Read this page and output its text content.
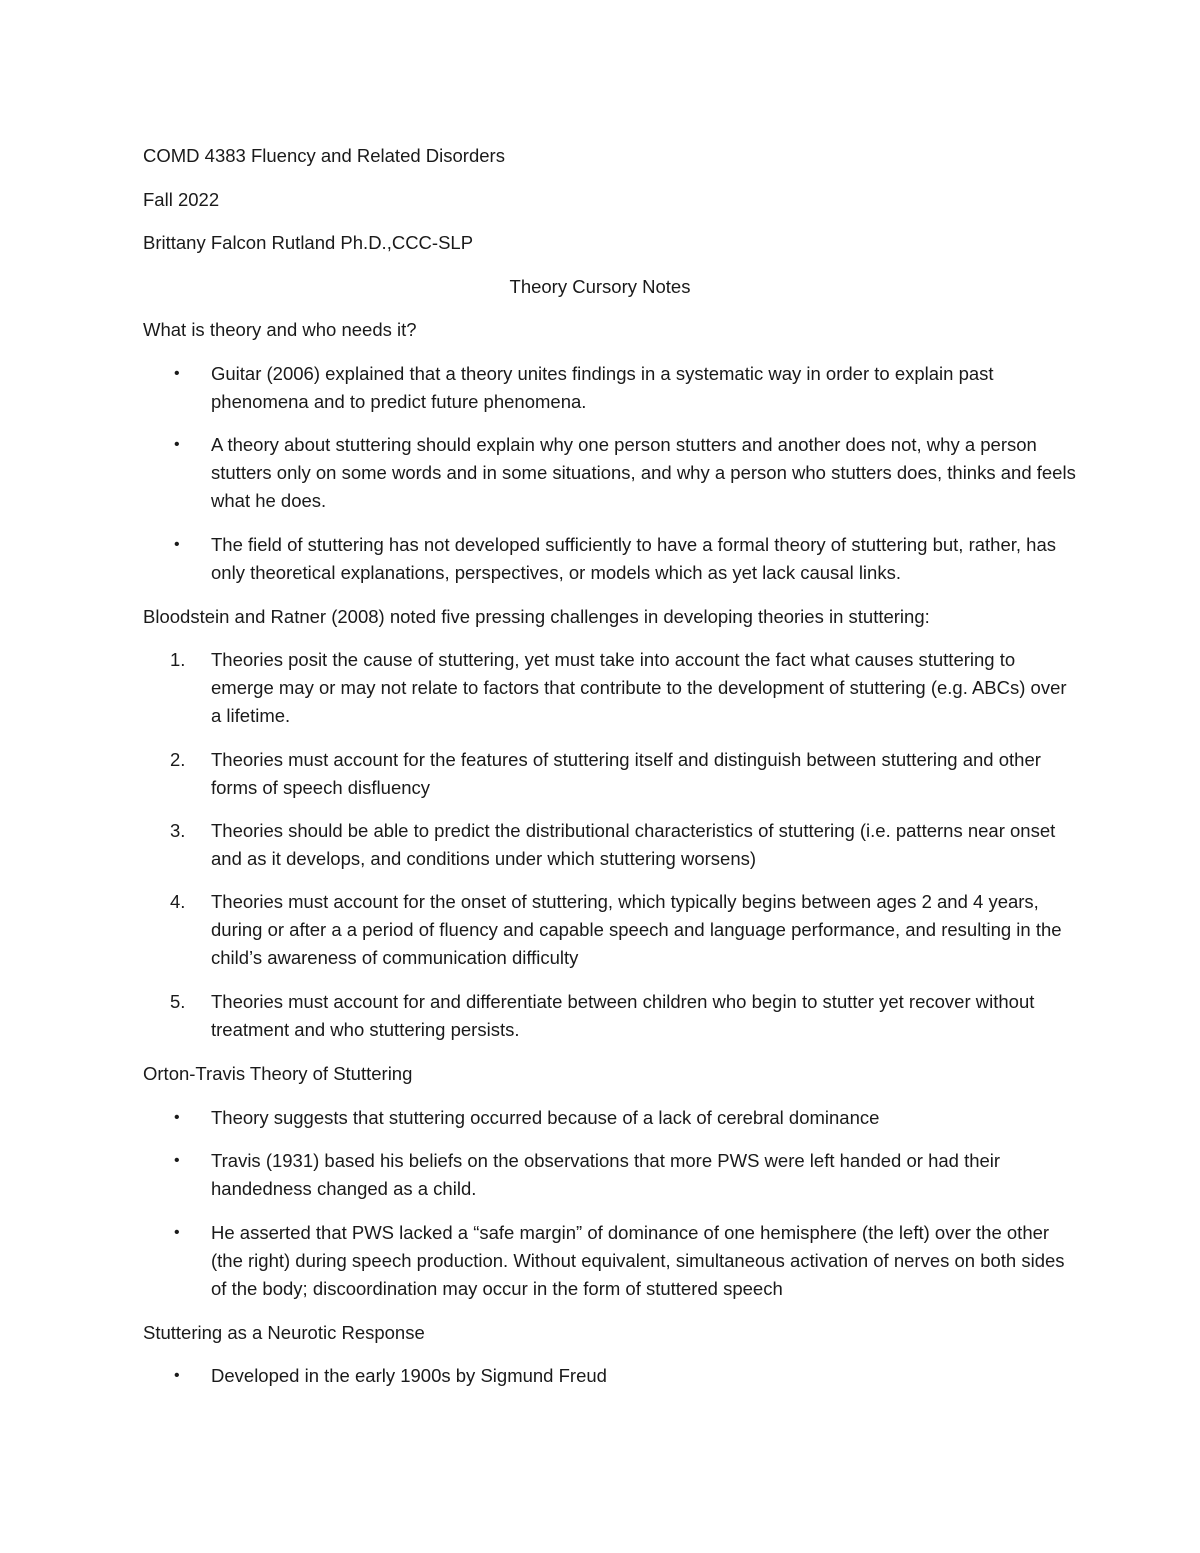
COMD 4383 Fluency and Related Disorders
Fall 2022
Brittany Falcon Rutland Ph.D.,CCC-SLP
Theory Cursory Notes
What is theory and who needs it?
• Guitar (2006) explained that a theory unites findings in a systematic way in order to explain past phenomena and to predict future phenomena.
• A theory about stuttering should explain why one person stutters and another does not, why a person stutters only on some words and in some situations, and why a person who stutters does, thinks and feels what he does.
• The field of stuttering has not developed sufficiently to have a formal theory of stuttering but, rather, has only theoretical explanations, perspectives, or models which as yet lack causal links.
Bloodstein and Ratner (2008) noted five pressing challenges in developing theories in stuttering:
1.	Theories posit the cause of stuttering, yet must take into account the fact what causes stuttering to emerge may or may not relate to factors that contribute to the development of stuttering (e.g. ABCs) over a lifetime.
2.	Theories must account for the features of stuttering itself and distinguish between stuttering and other forms of speech disfluency
3.	Theories should be able to predict the distributional characteristics of stuttering (i.e. patterns near onset and as it develops, and conditions under which stuttering worsens)
4.	Theories must account for the onset of stuttering, which typically begins between ages 2 and 4 years, during or after a a period of fluency and capable speech and language performance, and resulting in the child’s awareness of communication difficulty
5.	Theories must account for and differentiate between children who begin to stutter yet recover without treatment and who stuttering persists.
Orton-Travis Theory of Stuttering
• Theory suggests that stuttering occurred because of a lack of cerebral dominance
• Travis (1931) based his beliefs on the observations that more PWS were left handed or had their handedness changed as a child.
• He asserted that PWS lacked a “safe margin” of dominance of one hemisphere (the left) over the other (the right) during speech production. Without equivalent, simultaneous activation of nerves on both sides of the body; discoordination may occur in the form of stuttered speech
Stuttering as a Neurotic Response
• Developed in the early 1900s by Sigmund Freud
